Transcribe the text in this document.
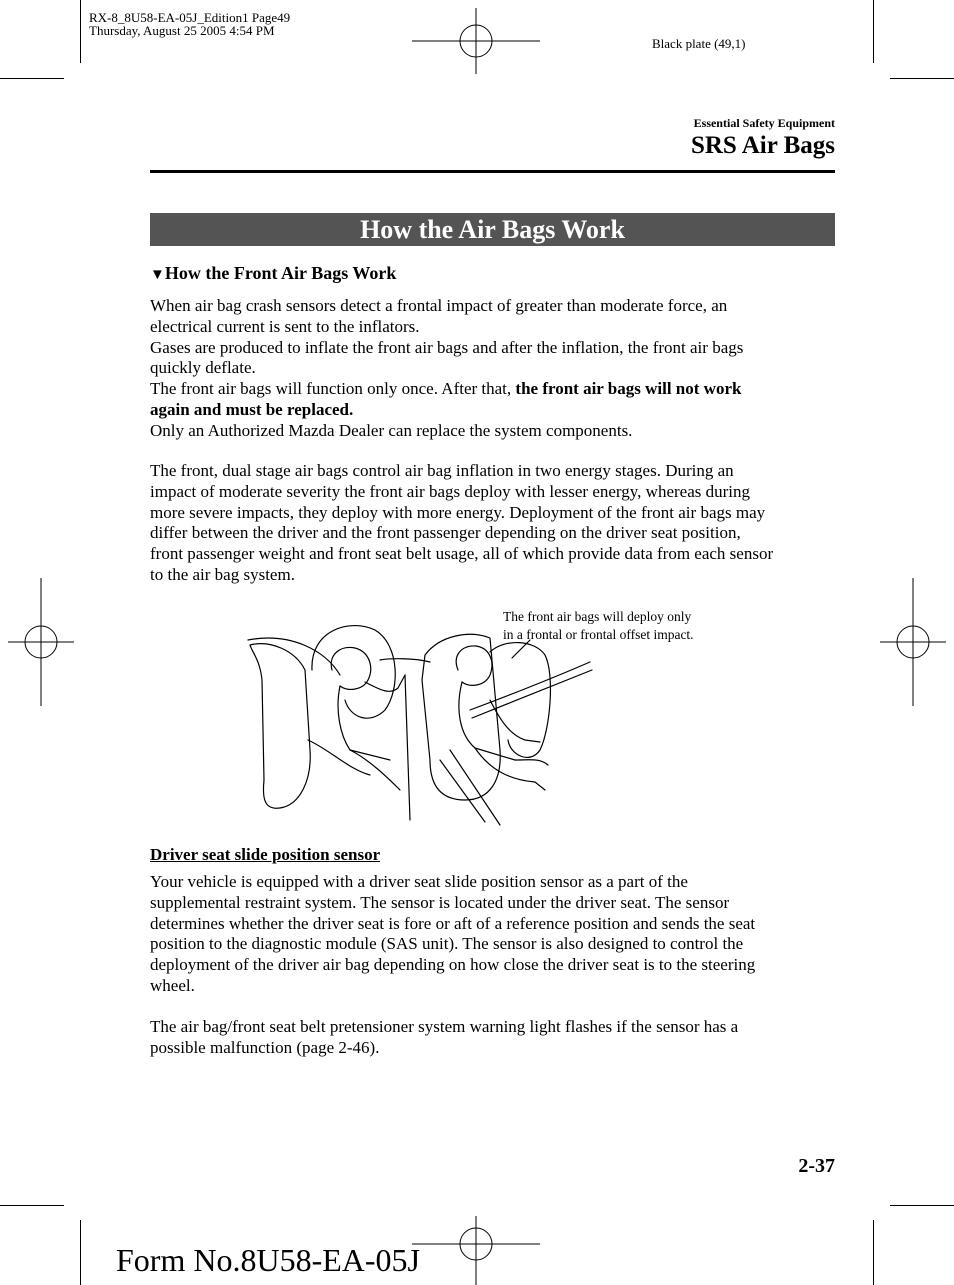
RX-8_8U58-EA-05J_Edition1 Page49
Thursday, August 25 2005 4:54 PM
Black plate (49,1)
Essential Safety Equipment
SRS Air Bags
How the Air Bags Work
▼How the Front Air Bags Work
When air bag crash sensors detect a frontal impact of greater than moderate force, an
electrical current is sent to the inflators.
Gases are produced to inflate the front air bags and after the inflation, the front air bags
quickly deflate.
The front air bags will function only once. After that, the front air bags will not work
again and must be replaced.
Only an Authorized Mazda Dealer can replace the system components.
The front, dual stage air bags control air bag inflation in two energy stages. During an
impact of moderate severity the front air bags deploy with lesser energy, whereas during
more severe impacts, they deploy with more energy. Deployment of the front air bags may
differ between the driver and the front passenger depending on the driver seat position,
front passenger weight and front seat belt usage, all of which provide data from each sensor
to the air bag system.
The front air bags will deploy only
in a frontal or frontal offset impact.
Driver seat slide position sensor
Your vehicle is equipped with a driver seat slide position sensor as a part of the
supplemental restraint system. The sensor is located under the driver seat. The sensor
determines whether the driver seat is fore or aft of a reference position and sends the seat
position to the diagnostic module (SAS unit). The sensor is also designed to control the
deployment of the driver air bag depending on how close the driver seat is to the steering
wheel.
The air bag/front seat belt pretensioner system warning light flashes if the sensor has a
possible malfunction (page 2-46).
2-37
Form No.8U58-EA-05J
